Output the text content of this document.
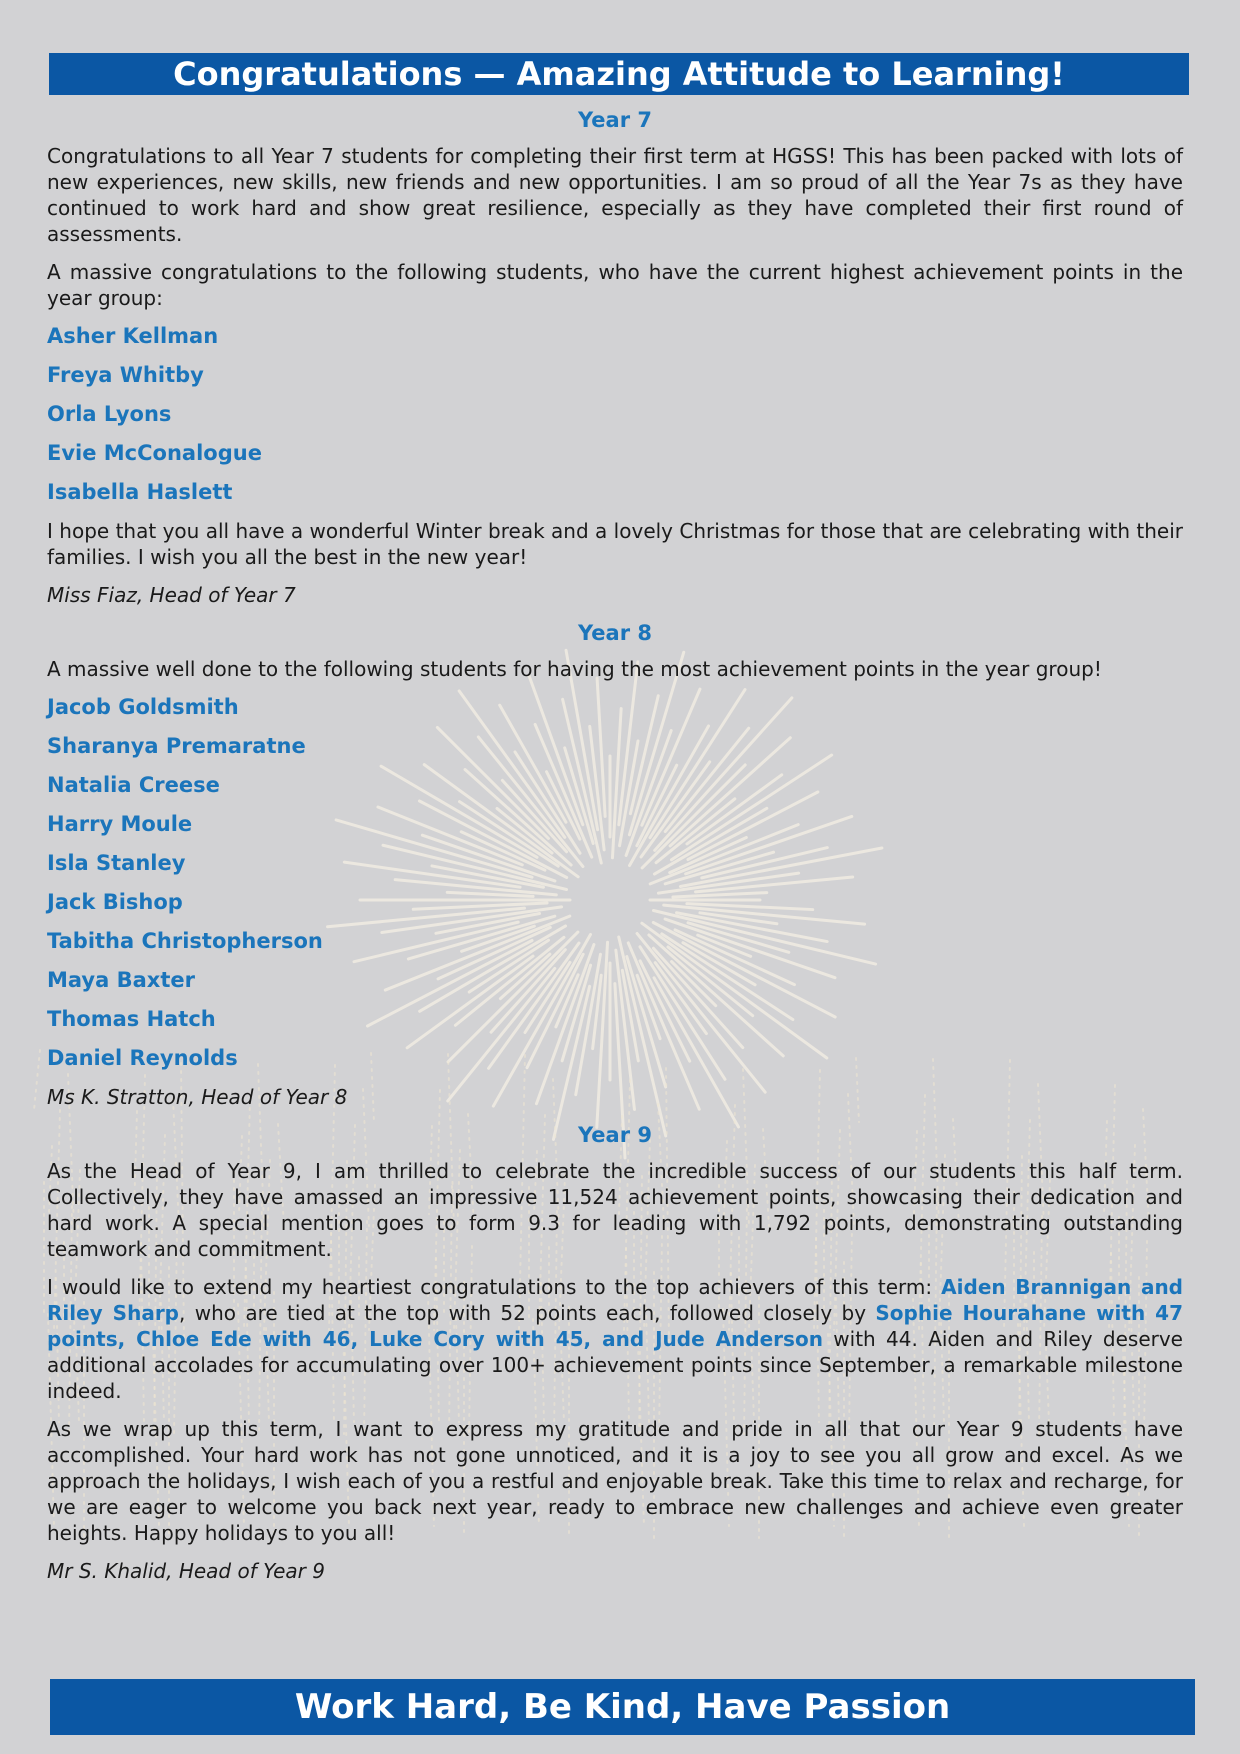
Congratulations — Amazing Attitude to Learning!
Year 7

Congratulations to all Year 7 students for completing their first term at HGSS! This has been packed with lots of new experiences, new skills, new friends and new opportunities. I am so proud of all the Year 7s as they have continued to work hard and show great resilience, especially as they have completed their first round of assessments.

A massive congratulations to the following students, who have the current highest achievement points in the year group:

Asher Kellman
Freya Whitby
Orla Lyons
Evie McConalogue
Isabella Haslett

I hope that you all have a wonderful Winter break and a lovely Christmas for those that are celebrating with their families. I wish you all the best in the new year!

Miss Fiaz, Head of Year 7
Year 8

A massive well done to the following students for having the most achievement points in the year group!

Jacob Goldsmith
Sharanya Premaratne
Natalia Creese
Harry Moule
Isla Stanley
Jack Bishop
Tabitha Christopherson
Maya Baxter
Thomas Hatch
Daniel Reynolds
Ms K. Stratton, Head of Year 8
Year 9

As the Head of Year 9, I am thrilled to celebrate the incredible success of our students this half term. Collectively, they have amassed an impressive 11,524 achievement points, showcasing their dedication and hard work. A special mention goes to form 9.3 for leading with 1,792 points, demonstrating outstanding teamwork and commitment.

I would like to extend my heartiest congratulations to the top achievers of this term: Aiden Brannigan and Riley Sharp, who are tied at the top with 52 points each, followed closely by Sophie Hourahane with 47 points, Chloe Ede with 46, Luke Cory with 45, and Jude Anderson with 44. Aiden and Riley deserve additional accolades for accumulating over 100+ achievement points since September, a remarkable milestone indeed.

As we wrap up this term, I want to express my gratitude and pride in all that our Year 9 students have accomplished. Your hard work has not gone unnoticed, and it is a joy to see you all grow and excel. As we approach the holidays, I wish each of you a restful and enjoyable break. Take this time to relax and recharge, for we are eager to welcome you back next year, ready to embrace new challenges and achieve even greater heights. Happy holidays to you all!

Mr S. Khalid, Head of Year 9
Work Hard, Be Kind, Have Passion
